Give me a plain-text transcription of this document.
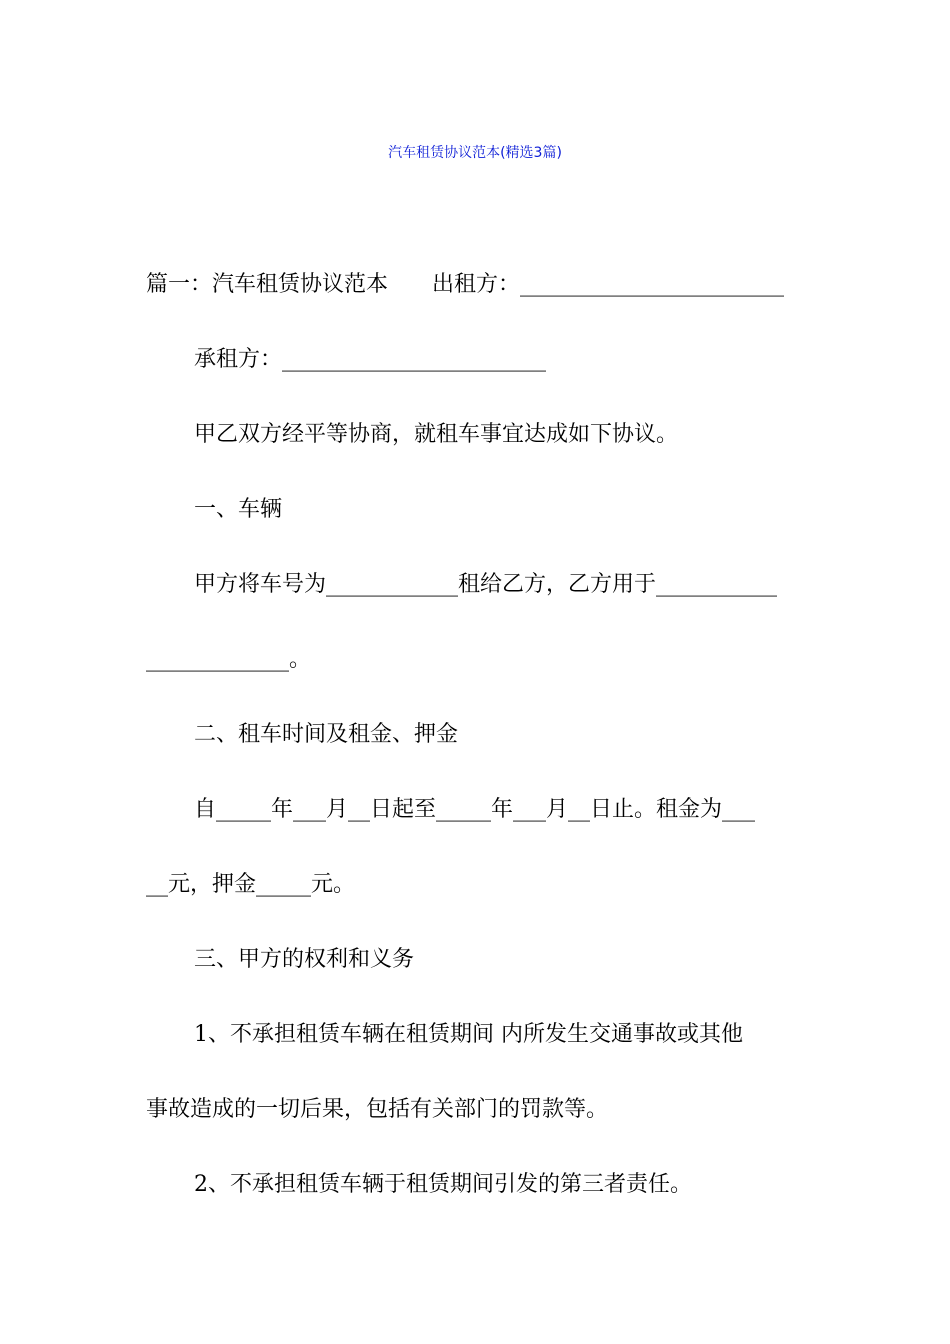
汽车租赁协议范本(精选3篇)

篇一：汽车租赁协议范本　　出租方：________________________

承租方：________________________

甲乙双方经平等协商，就租车事宜达成如下协议。

一、车辆

甲方将车号为____________租给乙方，乙方用于___________

_____________。

二、租车时间及租金、押金

自_____年___月__日起至_____年___月__日止。租金为___

__元，押金_____元。

三、甲方的权利和义务

1、不承担租赁车辆在租赁期间 内所发生交通事故或其他

事故造成的一切后果，包括有关部门的罚款等。

2、不承担租赁车辆于租赁期间引发的第三者责任。
